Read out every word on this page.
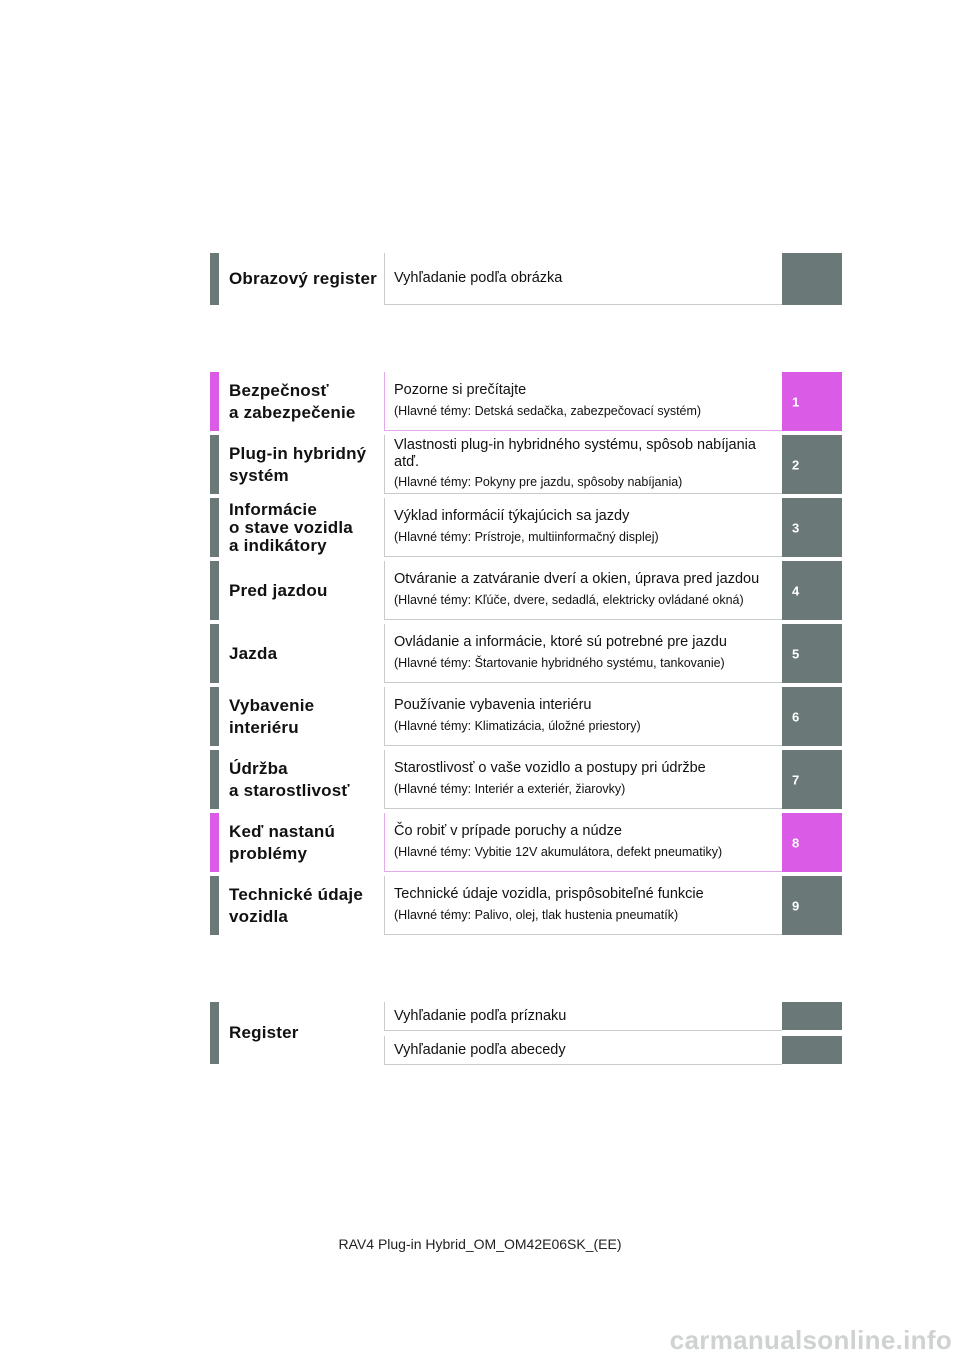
Obrazový register	Vyhľadanie podľa obrázka
Bezpečnosť
a zabezpečenie
Pozorne si prečítajte
(Hlavné témy: Detská sedačka, zabezpečovací systém)
1
Plug-in hybridný
systém
Vlastnosti plug-in hybridného systému, spôsob nabíjania atď.
(Hlavné témy: Pokyny pre jazdu, spôsoby nabíjania)
2
Informácie
o stave vozidla
a indikátory
Výklad informácií týkajúcich sa jazdy
(Hlavné témy: Prístroje, multiinformačný displej)
3
Pred jazdou
Otváranie a zatváranie dverí a okien, úprava pred jazdou
(Hlavné témy: Kľúče, dvere, sedadlá, elektricky ovládané okná)
4
Jazda
Ovládanie a informácie, ktoré sú potrebné pre jazdu
(Hlavné témy: Štartovanie hybridného systému, tankovanie)
5
Vybavenie
interiéru
Používanie vybavenia interiéru
(Hlavné témy: Klimatizácia, úložné priestory)
6
Údržba
a starostlivosť
Starostlivosť o vaše vozidlo a postupy pri údržbe
(Hlavné témy: Interiér a exteriér, žiarovky)
7
Keď nastanú
problémy
Čo robiť v prípade poruchy a núdze
(Hlavné témy: Vybitie 12V akumulátora, defekt pneumatiky)
8
Technické údaje
vozidla
Technické údaje vozidla, prispôsobiteľné funkcie
(Hlavné témy: Palivo, olej, tlak hustenia pneumatík)
9
Register
Vyhľadanie podľa príznaku
Vyhľadanie podľa abecedy
RAV4 Plug-in Hybrid_OM_OM42E06SK_(EE)
carmanualsonline.info
